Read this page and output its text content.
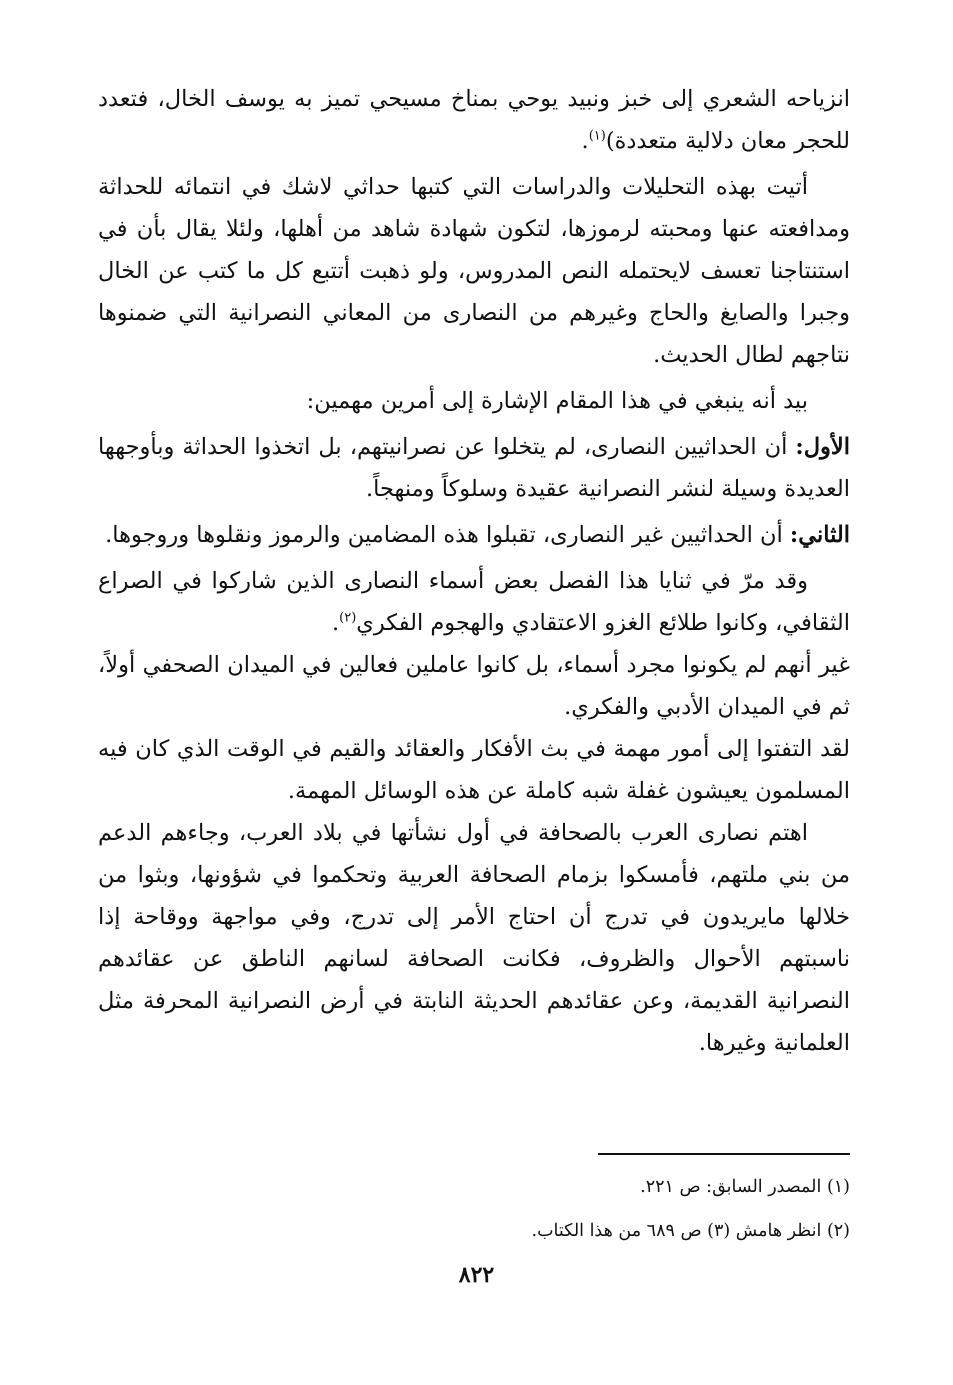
انزياحه الشعري إلى خبز ونبيد يوحي بمناخ مسيحي تميز به يوسف الخال، فتعدد للحجر معان دلالية متعددة)$^{(١)}$.

أتيت بهذه التحليلات والدراسات التي كتبها حداثي لاشك في انتمائه للحداثة ومدافعته عنها ومحبته لرموزها، لتكون شهادة شاهد من أهلها، ولئلا يقال بأن في استنتاجنا تعسف لايحتمله النص المدروس، ولو ذهبت أتتبع كل ما كتب عن الخال وجبرا والصايغ والحاج وغيرهم من النصارى من المعاني النصرانية التي ضمنوها نتاجهم لطال الحديث.

بيد أنه ينبغي في هذا المقام الإشارة إلى أمرين مهمين:

الأول: أن الحداثيين النصارى، لم يتخلوا عن نصرانيتهم، بل اتخذوا الحداثة وبأوجهها العديدة وسيلة لنشر النصرانية عقيدة وسلوكاً ومنهجاً.

الثاني: أن الحداثيين غير النصارى، تقبلوا هذه المضامين والرموز ونقلوها وروجوها.

وقد مرّ في ثنايا هذا الفصل بعض أسماء النصارى الذين شاركوا في الصراع الثقافي، وكانوا طلائع الغزو الاعتقادي والهجوم الفكري$^{(٢)}$.

غير أنهم لم يكونوا مجرد أسماء، بل كانوا عاملين فعالين في الميدان الصحفي أولاً، ثم في الميدان الأدبي والفكري.

لقد التفتوا إلى أمور مهمة في بث الأفكار والعقائد والقيم في الوقت الذي كان فيه المسلمون يعيشون غفلة شبه كاملة عن هذه الوسائل المهمة.

اهتم نصارى العرب بالصحافة في أول نشأتها في بلاد العرب، وجاءهم الدعم من بني ملتهم، فأمسكوا بزمام الصحافة العربية وتحكموا في شؤونها، وبثوا من خلالها مايريدون في تدرج أن احتاج الأمر إلى تدرج، وفي مواجهة ووقاحة إذا ناسبتهم الأحوال والظروف، فكانت الصحافة لسانهم الناطق عن عقائدهم النصرانية القديمة، وعن عقائدهم الحديثة النابتة في أرض النصرانية المحرفة مثل العلمانية وغيرها.

(١) المصدر السابق: ص ٢٢١.

(٢) انظر هامش (٣) ص ٦٨٩ من هذا الكتاب.

٨٢٢
